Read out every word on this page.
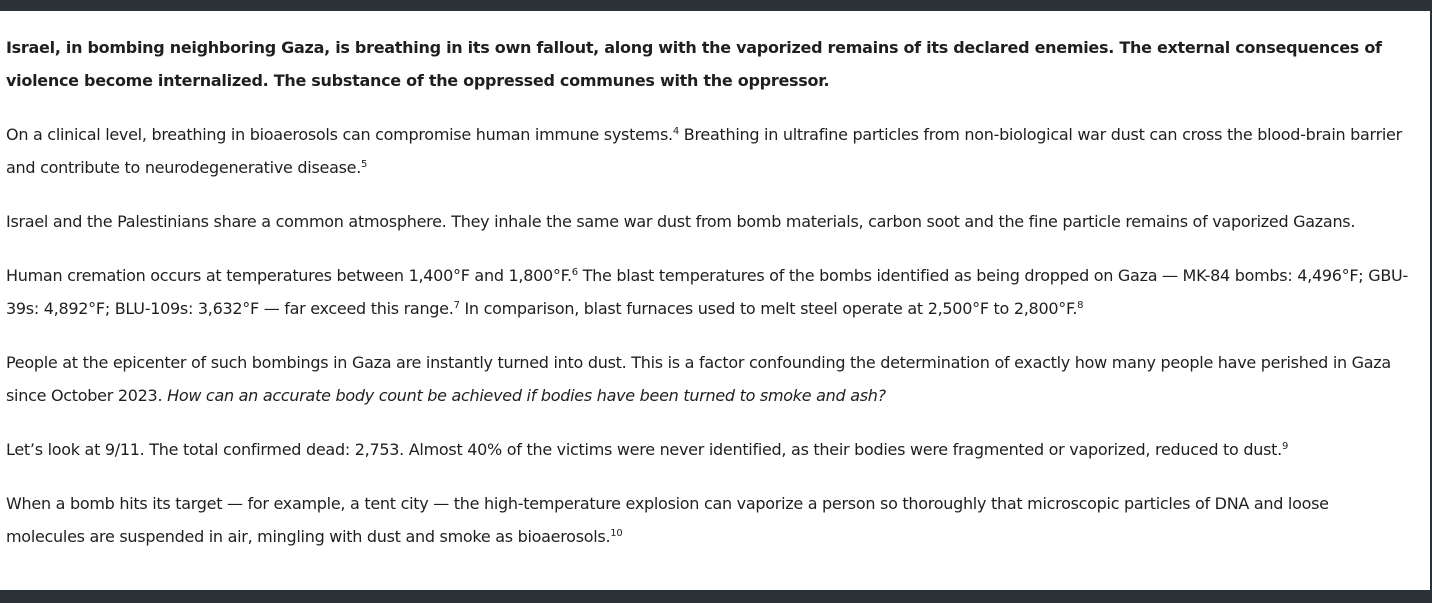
Israel, in bombing neighboring Gaza, is breathing in its own fallout, along with the vaporized remains of its declared enemies. The external consequences of violence become internalized. The substance of the oppressed communes with the oppressor.

On a clinical level, breathing in bioaerosols can compromise human immune systems.$^4$ Breathing in ultrafine particles from non-biological war dust can cross the blood-brain barrier and contribute to neurodegenerative disease.$^5$

Israel and the Palestinians share a common atmosphere. They inhale the same war dust from bomb materials, carbon soot and the fine particle remains of vaporized Gazans.

Human cremation occurs at temperatures between 1,400°F and 1,800°F.$^6$ The blast temperatures of the bombs identified as being dropped on Gaza — MK-84 bombs: 4,496°F; GBU-39s: 4,892°F; BLU-109s: 3,632°F — far exceed this range.$^7$ In comparison, blast furnaces used to melt steel operate at 2,500°F to 2,800°F.$^8$

People at the epicenter of such bombings in Gaza are instantly turned into dust. This is a factor confounding the determination of exactly how many people have perished in Gaza since October 2023. How can an accurate body count be achieved if bodies have been turned to smoke and ash?

Let’s look at 9/11. The total confirmed dead: 2,753. Almost 40% of the victims were never identified, as their bodies were fragmented or vaporized, reduced to dust.$^9$

When a bomb hits its target — for example, a tent city — the high-temperature explosion can vaporize a person so thoroughly that microscopic particles of DNA and loose molecules are suspended in air, mingling with dust and smoke as bioaerosols.$^{10}$
